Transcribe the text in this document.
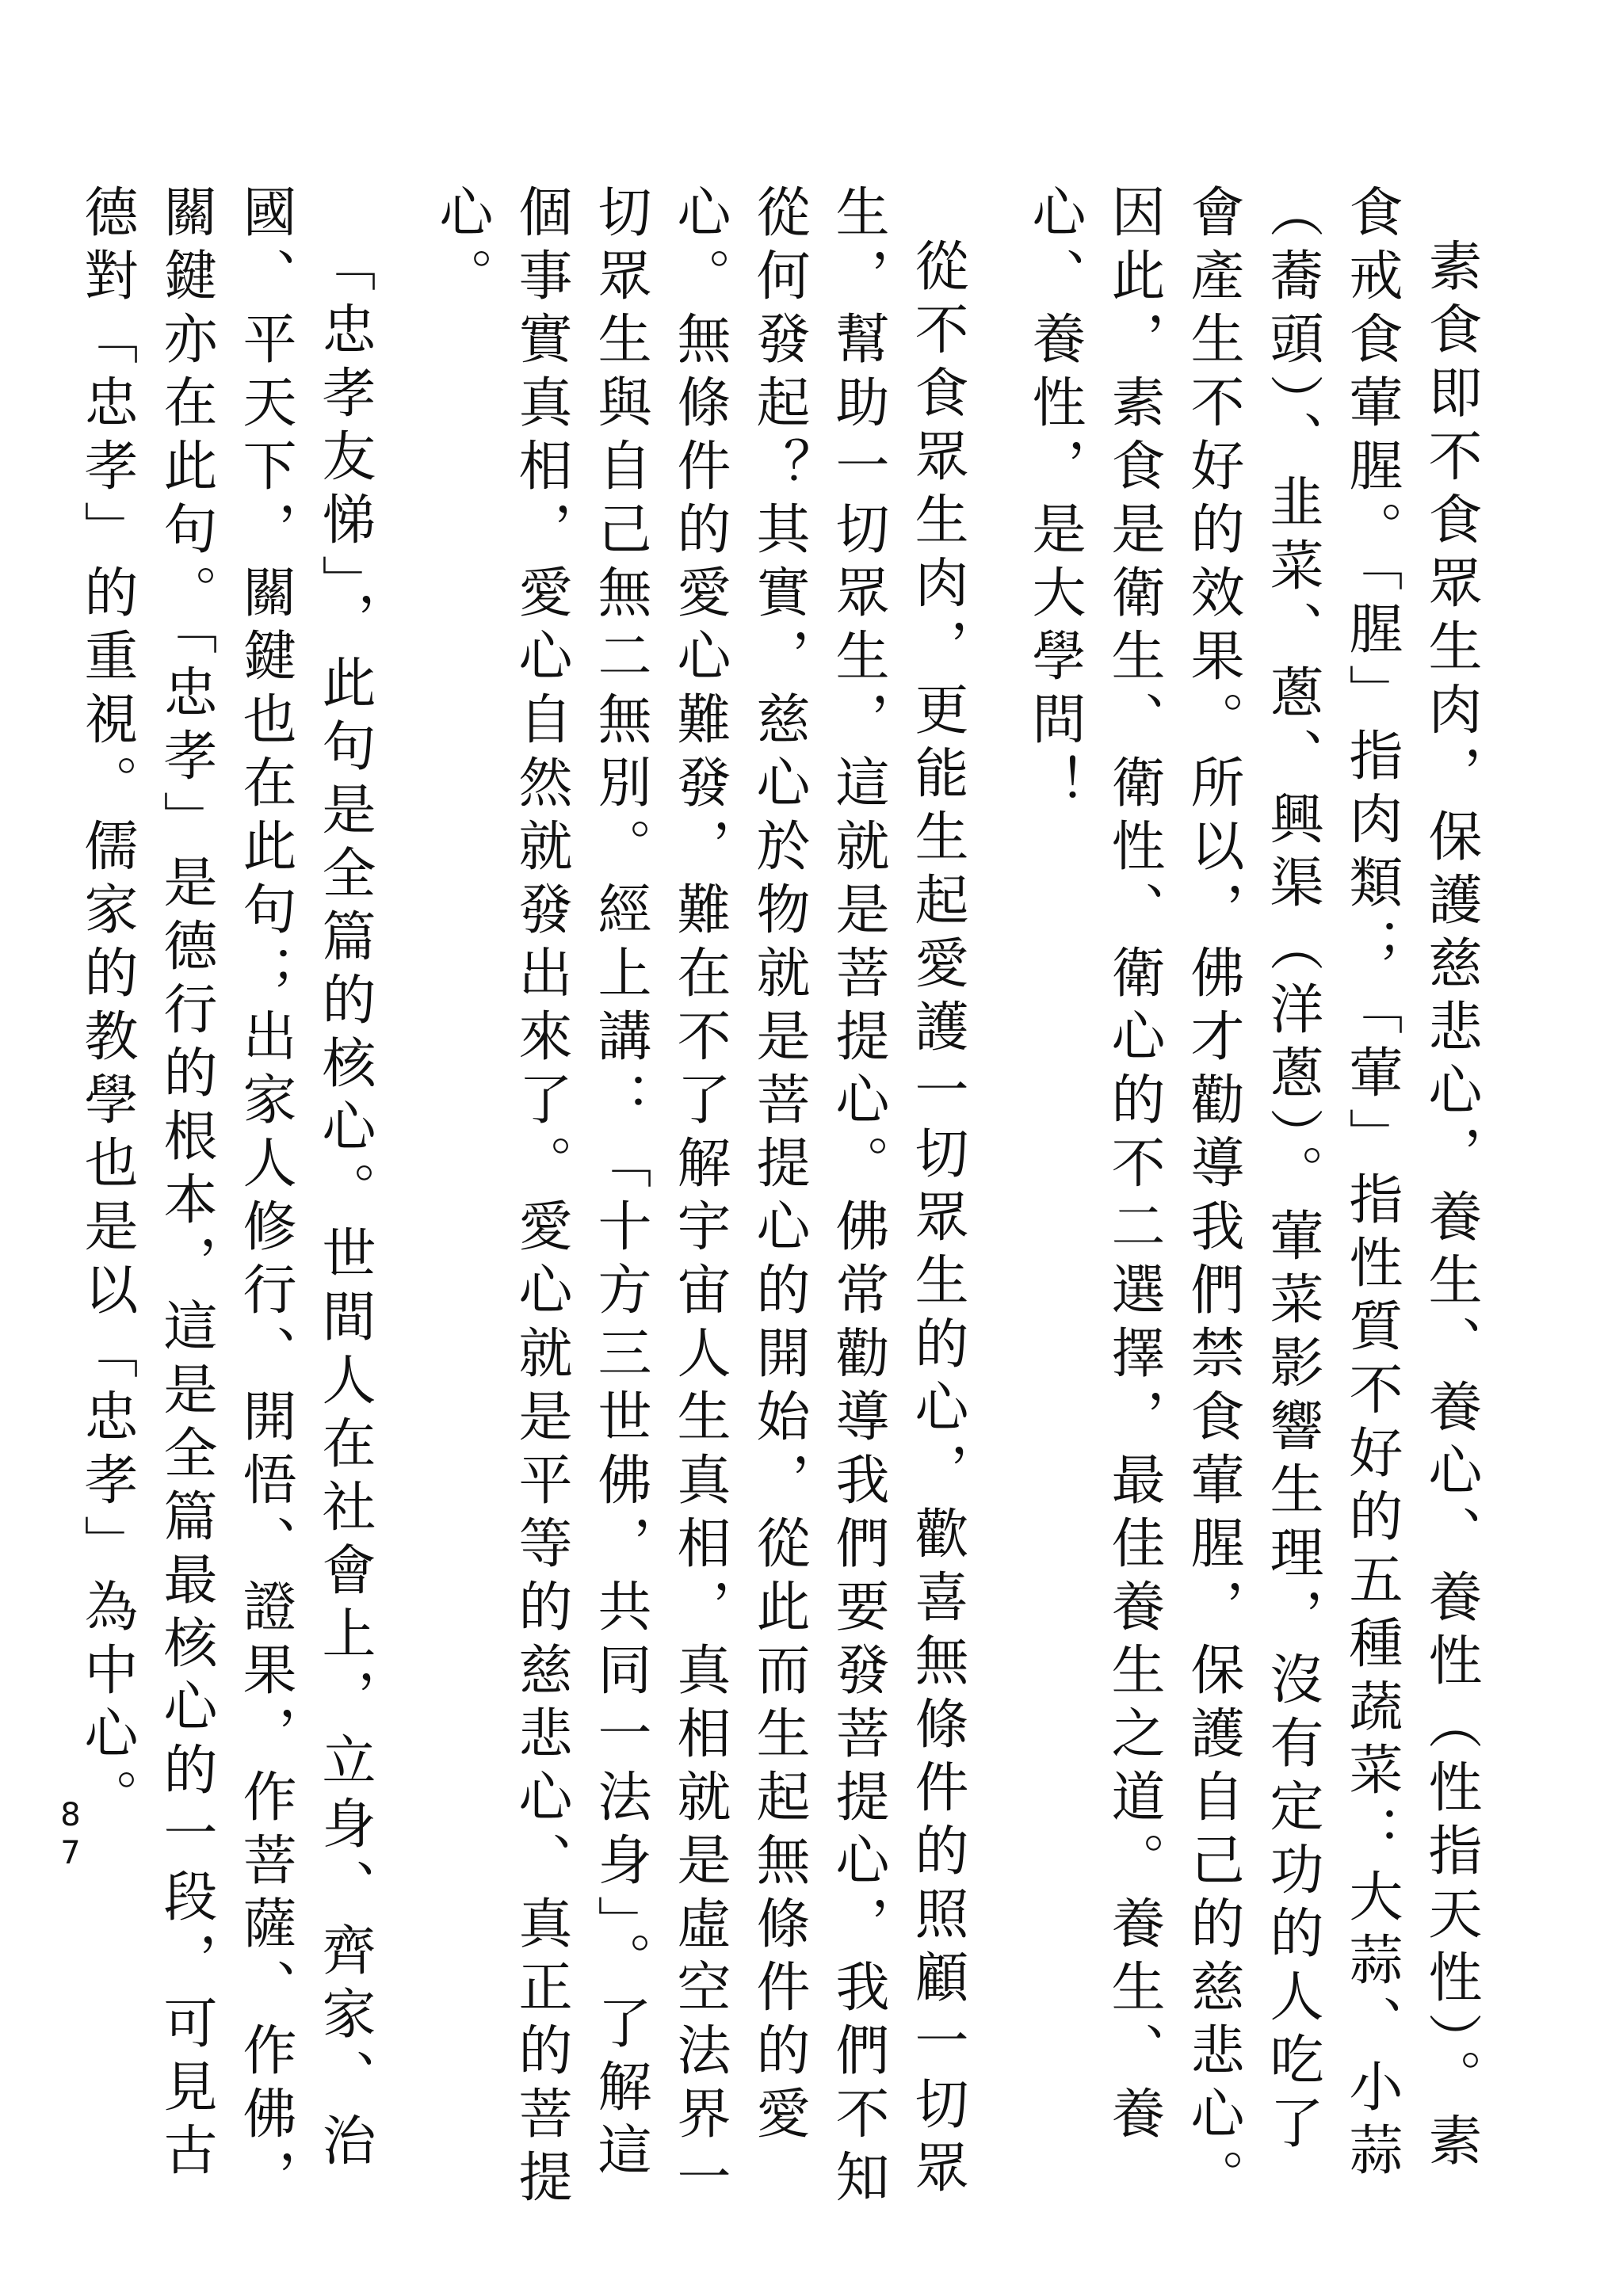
素食即不食眾生肉，保護慈悲心，養生、養心、養性（性指天性）。素食戒食葷腥。「腥」指肉類；「葷」指性質不好的五種蔬菜：大蒜、小蒜（蕎頭）、韭菜、蔥、興渠（洋蔥）。葷菜影響生理，沒有定功的人吃了會產生不好的效果。所以，佛才勸導我們禁食葷腥，保護自己的慈悲心。因此，素食是衛生、衛性、衛心的不二選擇，最佳養生之道。養生、養心、養性，是大學問！

從不食眾生肉，更能生起愛護一切眾生的心，歡喜無條件的照顧一切眾生，幫助一切眾生，這就是菩提心。佛常勸導我們要發菩提心，我們不知從何發起？其實，慈心於物就是菩提心的開始，從此而生起無條件的愛心。無條件的愛心難發，難在不了解宇宙人生真相，真相就是虛空法界一切眾生與自己無二無別。經上講：「十方三世佛，共同一法身」。了解這個事實真相，愛心自然就發出來了。愛心就是平等的慈悲心、真正的菩提心。

「忠孝友悌」，此句是全篇的核心。世間人在社會上，立身、齊家、治國、平天下，關鍵也在此句；出家人修行、開悟、證果，作菩薩、作佛，關鍵亦在此句。「忠孝」是德行的根本，這是全篇最核心的一段，可見古德對「忠孝」的重視。儒家的教學也是以「忠孝」為中心。

87
